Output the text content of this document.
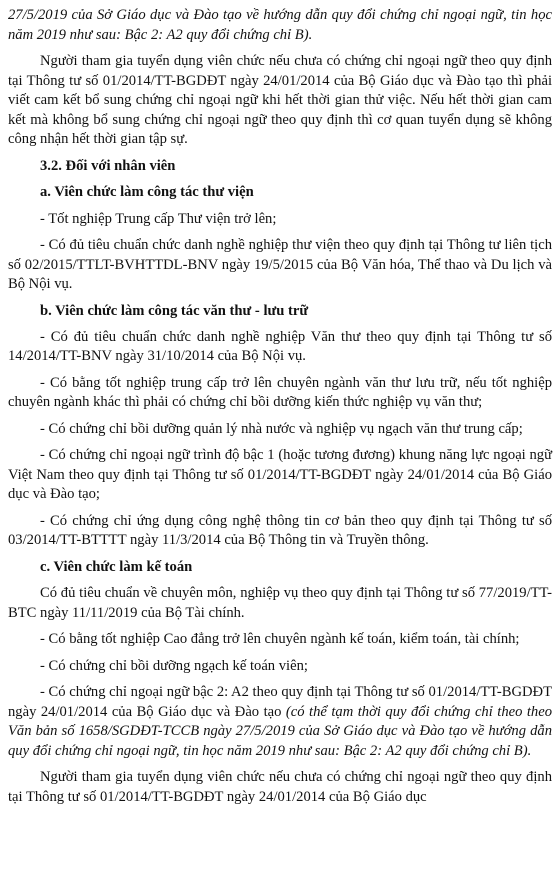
27/5/2019 của Sở Giáo dục và Đào tạo về hướng dẫn quy đổi chứng chỉ ngoại ngữ, tin học năm 2019 như sau: Bậc 2: A2 quy đổi chứng chỉ B).

Người tham gia tuyển dụng viên chức nếu chưa có chứng chỉ ngoại ngữ theo quy định tại Thông tư số 01/2014/TT-BGDĐT ngày 24/01/2014 của Bộ Giáo dục và Đào tạo thì phải viết cam kết bổ sung chứng chỉ ngoại ngữ khi hết thời gian thử việc. Nếu hết thời gian cam kết mà không bổ sung chứng chỉ ngoại ngữ theo quy định thì cơ quan tuyển dụng sẽ không công nhận hết thời gian tập sự.

3.2. Đối với nhân viên

a. Viên chức làm công tác thư viện

- Tốt nghiệp Trung cấp Thư viện trở lên;

- Có đủ tiêu chuẩn chức danh nghề nghiệp thư viện theo quy định tại Thông tư liên tịch số 02/2015/TTLT-BVHTTDL-BNV ngày 19/5/2015 của Bộ Văn hóa, Thể thao và Du lịch và Bộ Nội vụ.

b. Viên chức làm công tác văn thư - lưu trữ

- Có đủ tiêu chuẩn chức danh nghề nghiệp Văn thư theo quy định tại Thông tư số 14/2014/TT-BNV ngày 31/10/2014 của Bộ Nội vụ.

- Có bằng tốt nghiệp trung cấp trở lên chuyên ngành văn thư lưu trữ, nếu tốt nghiệp chuyên ngành khác thì phải có chứng chỉ bồi dưỡng kiến thức nghiệp vụ văn thư;

- Có chứng chỉ bồi dưỡng quản lý nhà nước và nghiệp vụ ngạch văn thư trung cấp;

- Có chứng chỉ ngoại ngữ trình độ bậc 1 (hoặc tương đương) khung năng lực ngoại ngữ Việt Nam theo quy định tại Thông tư số 01/2014/TT-BGDĐT ngày 24/01/2014 của Bộ Giáo dục và Đào tạo;

- Có chứng chỉ ứng dụng công nghệ thông tin cơ bản theo quy định tại Thông tư số 03/2014/TT-BTTTT ngày 11/3/2014 của Bộ Thông tin và Truyền thông.

c. Viên chức làm kế toán

Có đủ tiêu chuẩn về chuyên môn, nghiệp vụ theo quy định tại Thông tư số 77/2019/TT-BTC ngày 11/11/2019 của Bộ Tài chính.

- Có bằng tốt nghiệp Cao đẳng trở lên chuyên ngành kế toán, kiểm toán, tài chính;

- Có chứng chỉ bồi dưỡng ngạch kế toán viên;

- Có chứng chỉ ngoại ngữ bậc 2: A2 theo quy định tại Thông tư số 01/2014/TT-BGDĐT ngày 24/01/2014 của Bộ Giáo dục và Đào tạo (có thể tạm thời quy đổi chứng chỉ theo theo Văn bản số 1658/SGDĐT-TCCB ngày 27/5/2019 của Sở Giáo dục và Đào tạo về hướng dẫn quy đổi chứng chỉ ngoại ngữ, tin học năm 2019 như sau: Bậc 2: A2 quy đổi chứng chỉ B).

Người tham gia tuyển dụng viên chức nếu chưa có chứng chỉ ngoại ngữ theo quy định tại Thông tư số 01/2014/TT-BGDĐT ngày 24/01/2014 của Bộ Giáo dục
